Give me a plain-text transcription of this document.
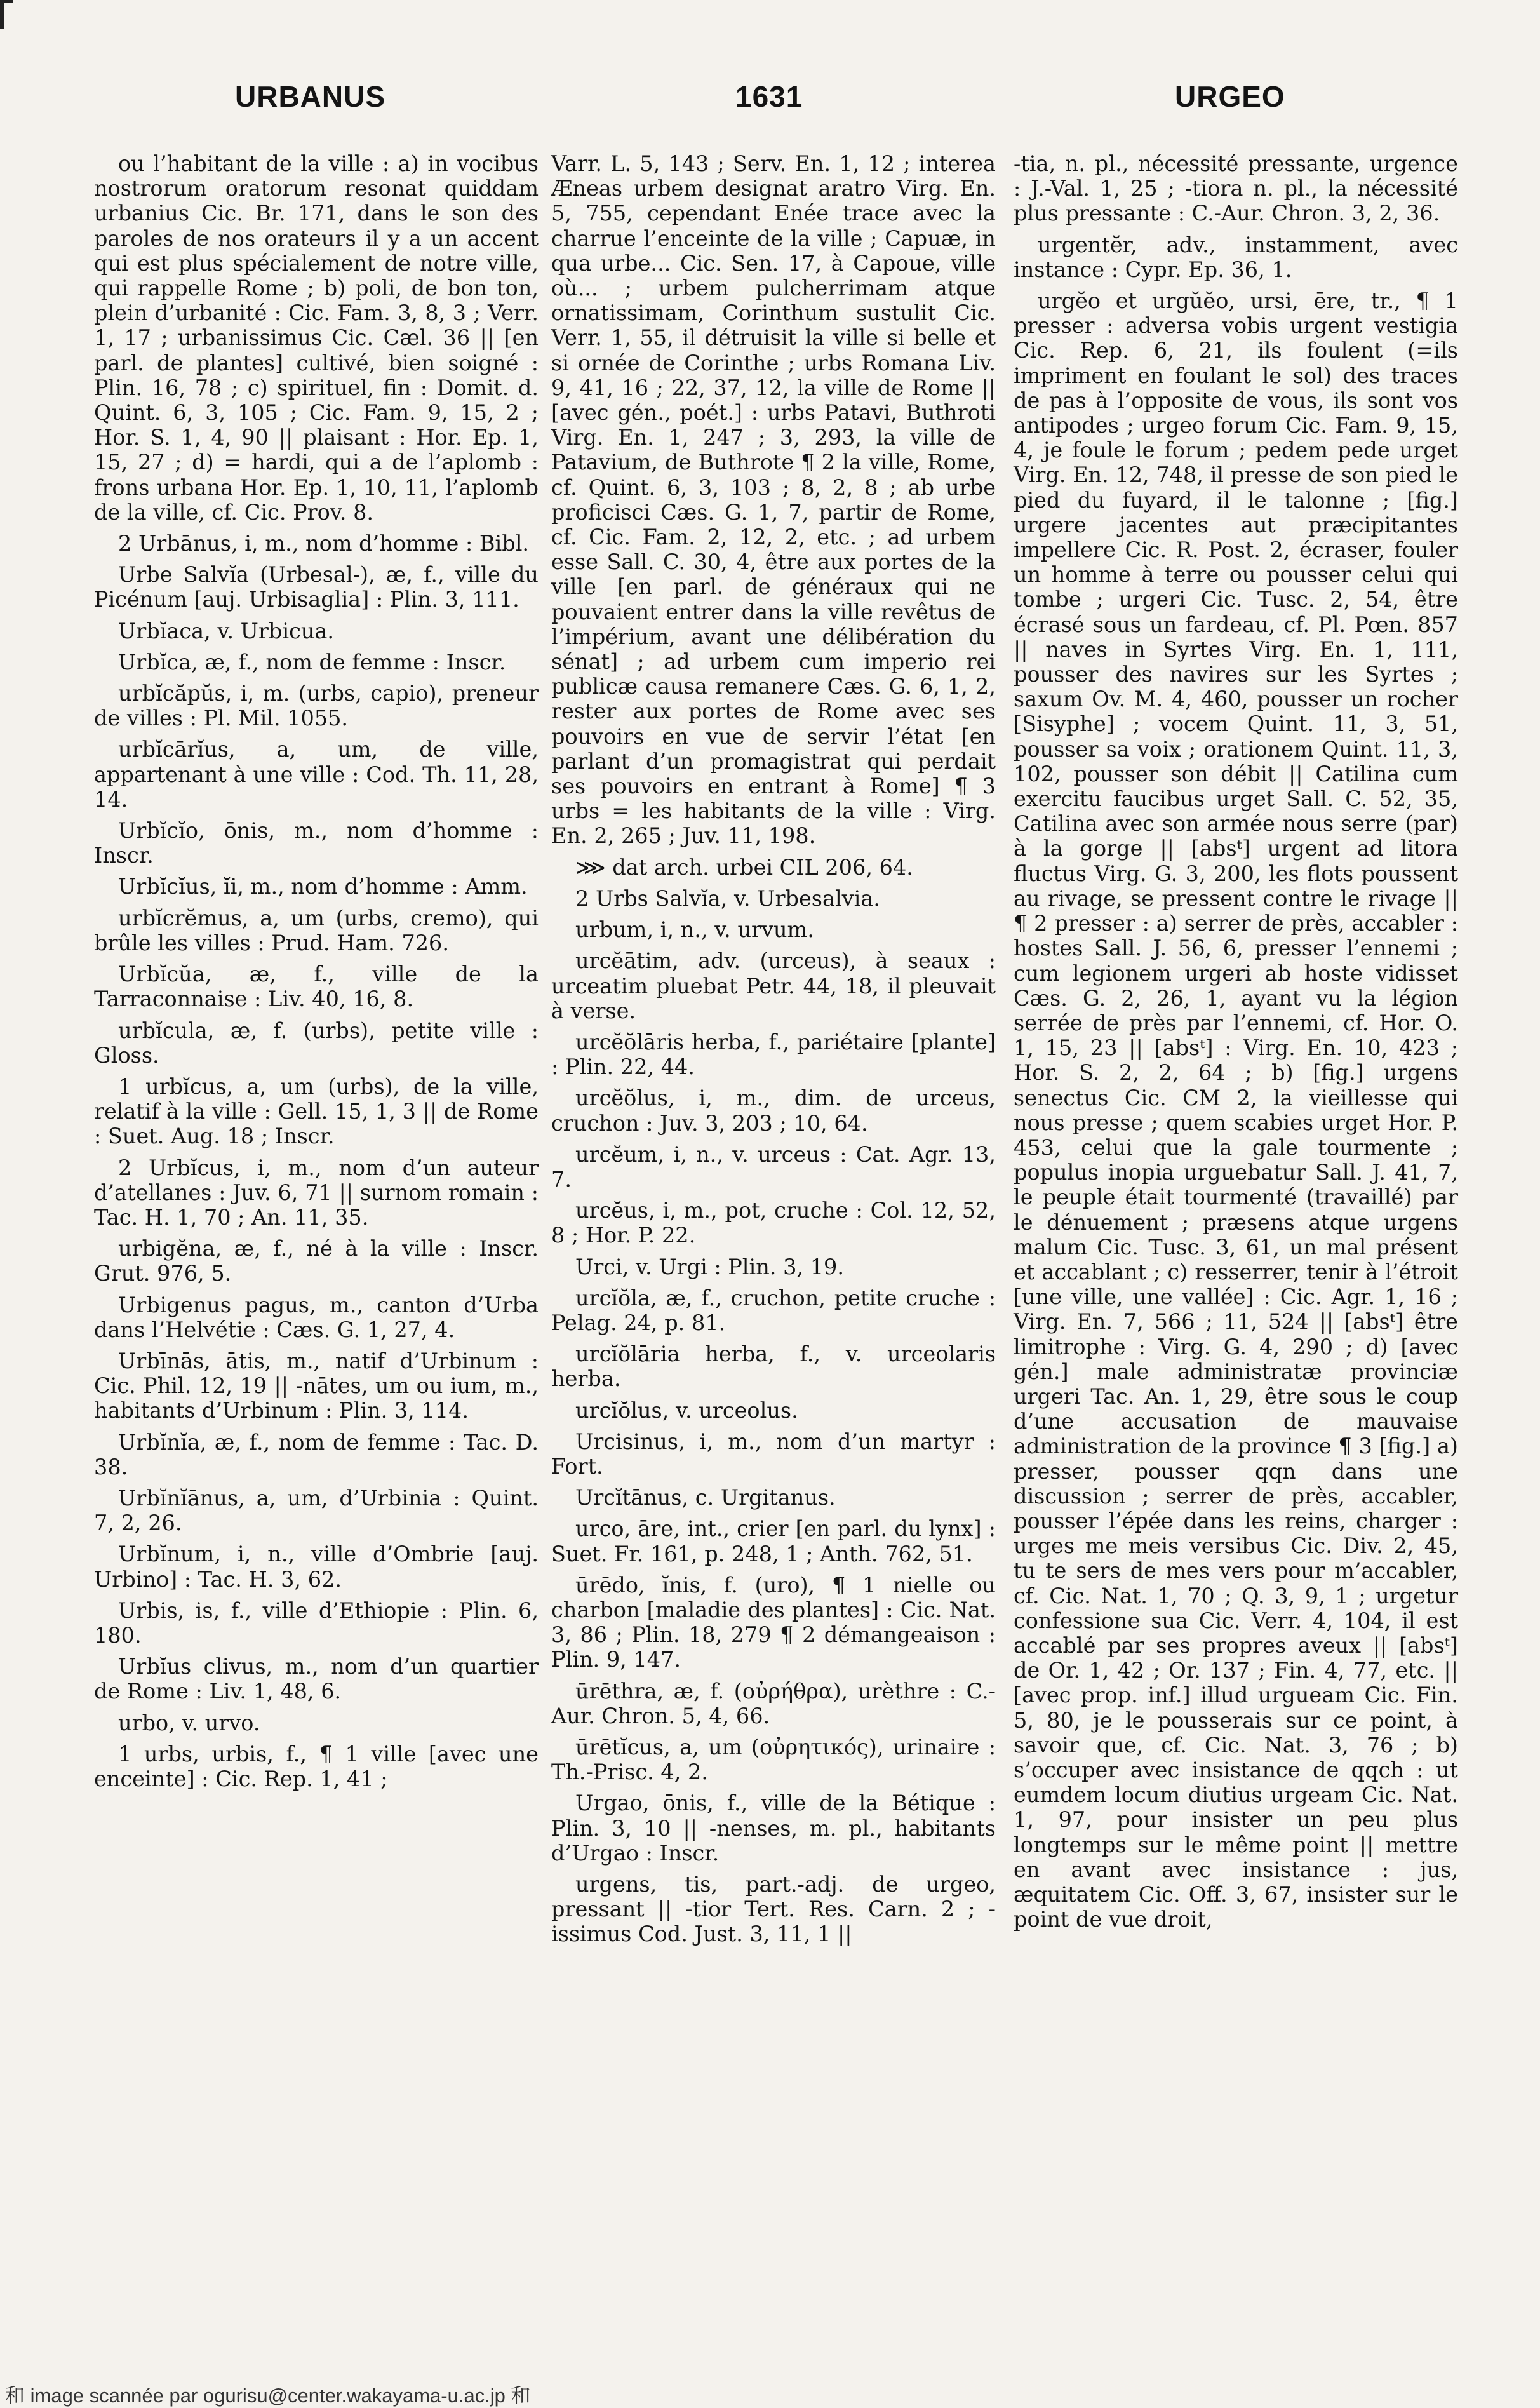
URBANUS	1631	URGEO

ou l’habitant de la ville : a) in vocibus nostrorum oratorum resonat quiddam urbanius Cic. Br. 171, dans le son des paroles de nos orateurs il y a un accent qui est plus spécialement de notre ville, qui rappelle Rome ; b) poli, de bon ton, plein d’urbanité : Cic. Fam. 3, 8, 3 ; Verr. 1, 17 ; urbanissimus Cic. Cæl. 36 || [en parl. de plantes] cultivé, bien soigné : Plin. 16, 78 ; c) spirituel, fin : Domit. d. Quint. 6, 3, 105 ; Cic. Fam. 9, 15, 2 ; Hor. S. 1, 4, 90 || plaisant : Hor. Ep. 1, 15, 27 ; d) = hardi, qui a de l’aplomb : frons urbana Hor. Ep. 1, 10, 11, l’aplomb de la ville, cf. Cic. Prov. 8.

2 Urbānus, i, m., nom d’homme : Bibl.

Urbe Salvĭa (Urbesal-), æ, f., ville du Picénum [auj. Urbisaglia] : Plin. 3, 111.

Urbĭaca, v. Urbicua.

Urbĭca, æ, f., nom de femme : Inscr.

urbĭcăpŭs, i, m. (urbs, capio), preneur de villes : Pl. Mil. 1055.

urbĭcārĭus, a, um, de ville, appartenant à une ville : Cod. Th. 11, 28, 14.

Urbĭcĭo, ōnis, m., nom d’homme : Inscr.

Urbĭcĭus, ĭi, m., nom d’homme : Amm.

urbĭcrĕmus, a, um (urbs, cremo), qui brûle les villes : Prud. Ham. 726.

Urbĭcŭa, æ, f., ville de la Tarraconnaise : Liv. 40, 16, 8.

urbĭcula, æ, f. (urbs), petite ville : Gloss.

1 urbĭcus, a, um (urbs), de la ville, relatif à la ville : Gell. 15, 1, 3 || de Rome : Suet. Aug. 18 ; Inscr.

2 Urbĭcus, i, m., nom d’un auteur d’atellanes : Juv. 6, 71 || surnom romain : Tac. H. 1, 70 ; An. 11, 35.

urbigĕna, æ, f., né à la ville : Inscr. Grut. 976, 5.

Urbigenus pagus, m., canton d’Urba dans l’Helvétie : Cæs. G. 1, 27, 4.

Urbīnās, ātis, m., natif d’Urbinum : Cic. Phil. 12, 19 || -nātes, um ou ium, m., habitants d’Urbinum : Plin. 3, 114.

Urbĭnĭa, æ, f., nom de femme : Tac. D. 38.

Urbĭnĭānus, a, um, d’Urbinia : Quint. 7, 2, 26.

Urbĭnum, i, n., ville d’Ombrie [auj. Urbino] : Tac. H. 3, 62.

Urbis, is, f., ville d’Ethiopie : Plin. 6, 180.

Urbĭus clivus, m., nom d’un quartier de Rome : Liv. 1, 48, 6.

urbo, v. urvo.

1 urbs, urbis, f., ¶ 1 ville [avec une enceinte] : Cic. Rep. 1, 41 ;

Varr. L. 5, 143 ; Serv. En. 1, 12 ; interea Æneas urbem designat aratro Virg. En. 5, 755, cependant Enée trace avec la charrue l’enceinte de la ville ; Capuæ, in qua urbe... Cic. Sen. 17, à Capoue, ville où... ; urbem pulcherrimam atque ornatissimam, Corinthum sustulit Cic. Verr. 1, 55, il détruisit la ville si belle et si ornée de Corinthe ; urbs Romana Liv. 9, 41, 16 ; 22, 37, 12, la ville de Rome || [avec gén., poét.] : urbs Patavi, Buthroti Virg. En. 1, 247 ; 3, 293, la ville de Patavium, de Buthrote ¶ 2 la ville, Rome, cf. Quint. 6, 3, 103 ; 8, 2, 8 ; ab urbe proficisci Cæs. G. 1, 7, partir de Rome, cf. Cic. Fam. 2, 12, 2, etc. ; ad urbem esse Sall. C. 30, 4, être aux portes de la ville [en parl. de généraux qui ne pouvaient entrer dans la ville revêtus de l’impérium, avant une délibération du sénat] ; ad urbem cum imperio rei publicæ causa remanere Cæs. G. 6, 1, 2, rester aux portes de Rome avec ses pouvoirs en vue de servir l’état [en parlant d’un promagistrat qui perdait ses pouvoirs en entrant à Rome] ¶ 3 urbs = les habitants de la ville : Virg. En. 2, 265 ; Juv. 11, 198.

⋙ dat arch. urbei CIL 206, 64.

2 Urbs Salvĭa, v. Urbesalvia.

urbum, i, n., v. urvum.

urcĕātim, adv. (urceus), à seaux : urceatim pluebat Petr. 44, 18, il pleuvait à verse.

urcĕŏlāris herba, f., pariétaire [plante] : Plin. 22, 44.

urcĕŏlus, i, m., dim. de urceus, cruchon : Juv. 3, 203 ; 10, 64.

urcĕum, i, n., v. urceus : Cat. Agr. 13, 7.

urcĕus, i, m., pot, cruche : Col. 12, 52, 8 ; Hor. P. 22.

Urci, v. Urgi : Plin. 3, 19.

urcĭŏla, æ, f., cruchon, petite cruche : Pelag. 24, p. 81.

urcĭŏlāria herba, f., v. urceolaris herba.

urcĭŏlus, v. urceolus.

Urcisinus, i, m., nom d’un martyr : Fort.

Urcĭtānus, c. Urgitanus.

urco, āre, int., crier [en parl. du lynx] : Suet. Fr. 161, p. 248, 1 ; Anth. 762, 51.

ūrēdo, ĭnis, f. (uro), ¶ 1 nielle ou charbon [maladie des plantes] : Cic. Nat. 3, 86 ; Plin. 18, 279 ¶ 2 démangeaison : Plin. 9, 147.

ūrēthra, æ, f. (οὐρήθρα), urèthre : C.-Aur. Chron. 5, 4, 66.

ūrētĭcus, a, um (οὐρητικός), urinaire : Th.-Prisc. 4, 2.

Urgao, ōnis, f., ville de la Bétique : Plin. 3, 10 || -nenses, m. pl., habitants d’Urgao : Inscr.

urgens, tis, part.-adj. de urgeo, pressant || -tior Tert. Res. Carn. 2 ; -issimus Cod. Just. 3, 11, 1 ||

-tia, n. pl., nécessité pressante, urgence : J.-Val. 1, 25 ; -tiora n. pl., la nécessité plus pressante : C.-Aur. Chron. 3, 2, 36.

urgentĕr, adv., instamment, avec instance : Cypr. Ep. 36, 1.

urgĕo et urgŭĕo, ursi, ēre, tr., ¶ 1 presser : adversa vobis urgent vestigia Cic. Rep. 6, 21, ils foulent (=ils impriment en foulant le sol) des traces de pas à l’opposite de vous, ils sont vos antipodes ; urgeo forum Cic. Fam. 9, 15, 4, je foule le forum ; pedem pede urget Virg. En. 12, 748, il presse de son pied le pied du fuyard, il le talonne ; [fig.] urgere jacentes aut præcipitantes impellere Cic. R. Post. 2, écraser, fouler un homme à terre ou pousser celui qui tombe ; urgeri Cic. Tusc. 2, 54, être écrasé sous un fardeau, cf. Pl. Pœn. 857 || naves in Syrtes Virg. En. 1, 111, pousser des navires sur les Syrtes ; saxum Ov. M. 4, 460, pousser un rocher [Sisyphe] ; vocem Quint. 11, 3, 51, pousser sa voix ; orationem Quint. 11, 3, 102, pousser son débit || Catilina cum exercitu faucibus urget Sall. C. 52, 35, Catilina avec son armée nous serre (par) à la gorge || [absᵗ] urgent ad litora fluctus Virg. G. 3, 200, les flots poussent au rivage, se pressent contre le rivage || ¶ 2 presser : a) serrer de près, accabler : hostes Sall. J. 56, 6, presser l’ennemi ; cum legionem urgeri ab hoste vidisset Cæs. G. 2, 26, 1, ayant vu la légion serrée de près par l’ennemi, cf. Hor. O. 1, 15, 23 || [absᵗ] : Virg. En. 10, 423 ; Hor. S. 2, 2, 64 ; b) [fig.] urgens senectus Cic. CM 2, la vieillesse qui nous presse ; quem scabies urget Hor. P. 453, celui que la gale tourmente ; populus inopia urguebatur Sall. J. 41, 7, le peuple était tourmenté (travaillé) par le dénuement ; præsens atque urgens malum Cic. Tusc. 3, 61, un mal présent et accablant ; c) resserrer, tenir à l’étroit [une ville, une vallée] : Cic. Agr. 1, 16 ; Virg. En. 7, 566 ; 11, 524 || [absᵗ] être limitrophe : Virg. G. 4, 290 ; d) [avec gén.] male administratæ provinciæ urgeri Tac. An. 1, 29, être sous le coup d’une accusation de mauvaise administration de la province ¶ 3 [fig.] a) presser, pousser qqn dans une discussion ; serrer de près, accabler, pousser l’épée dans les reins, charger : urges me meis versibus Cic. Div. 2, 45, tu te sers de mes vers pour m’accabler, cf. Cic. Nat. 1, 70 ; Q. 3, 9, 1 ; urgetur confessione sua Cic. Verr. 4, 104, il est accablé par ses propres aveux || [absᵗ] de Or. 1, 42 ; Or. 137 ; Fin. 4, 77, etc. || [avec prop. inf.] illud urgueam Cic. Fin. 5, 80, je le pousserais sur ce point, à savoir que, cf. Cic. Nat. 3, 76 ; b) s’occuper avec insistance de qqch : ut eumdem locum diutius urgeam Cic. Nat. 1, 97, pour insister un peu plus longtemps sur le même point || mettre en avant avec insistance : jus, æquitatem Cic. Off. 3, 67, insister sur le point de vue droit,

和 image scannée par ogurisu@center.wakayama-u.ac.jp 和
